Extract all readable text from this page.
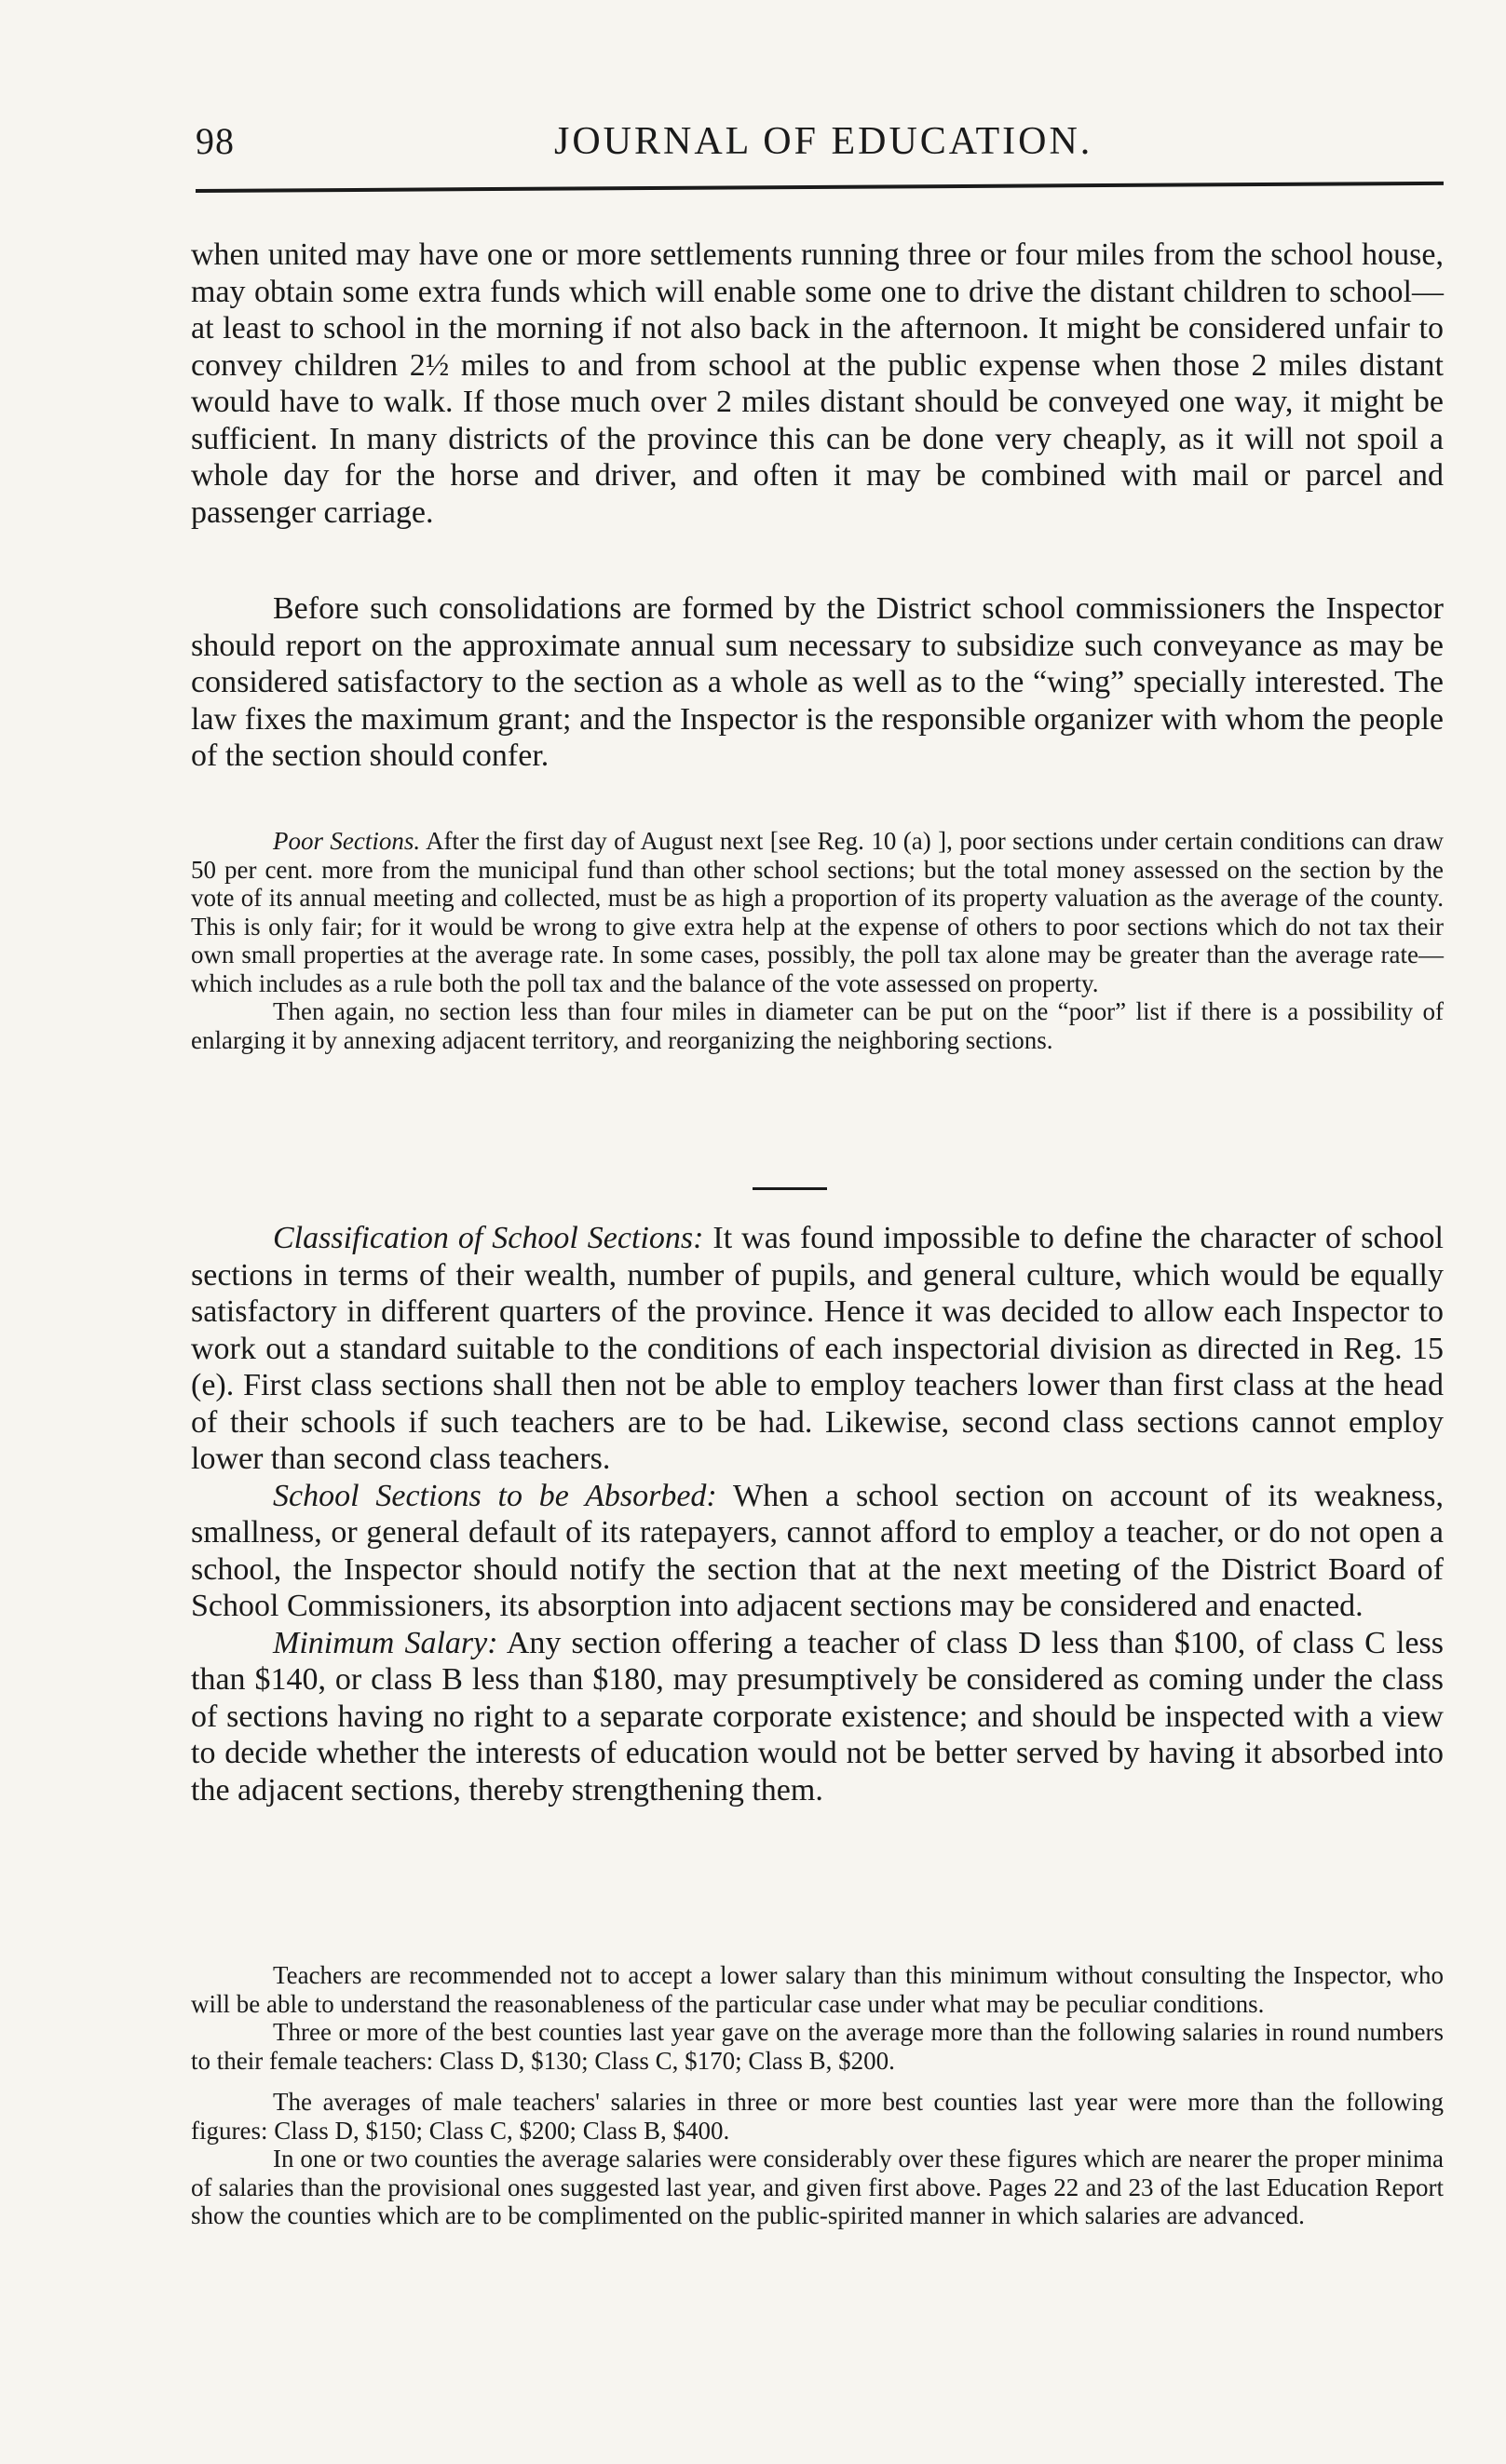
98	JOURNAL OF EDUCATION.

when united may have one or more settlements running three or four miles from the school house, may obtain some extra funds which will enable some one to drive the distant children to school—at least to school in the morning if not also back in the afternoon. It might be considered unfair to convey children 2½ miles to and from school at the public expense when those 2 miles distant would have to walk. If those much over 2 miles distant should be conveyed one way, it might be sufficient. In many districts of the province this can be done very cheaply, as it will not spoil a whole day for the horse and driver, and often it may be combined with mail or parcel and passenger carriage.

Before such consolidations are formed by the District school commissioners the Inspector should report on the approximate annual sum necessary to subsidize such conveyance as may be considered satisfactory to the section as a whole as well as to the “wing” specially interested. The law fixes the maximum grant; and the Inspector is the responsible organizer with whom the people of the section should confer.

Poor Sections. After the first day of August next [see Reg. 10 (a) ], poor sections under certain conditions can draw 50 per cent. more from the municipal fund than other school sections; but the total money assessed on the section by the vote of its annual meeting and collected, must be as high a proportion of its property valuation as the average of the county. This is only fair; for it would be wrong to give extra help at the expense of others to poor sections which do not tax their own small properties at the average rate. In some cases, possibly, the poll tax alone may be greater than the average rate—which includes as a rule both the poll tax and the balance of the vote assessed on property.

Then again, no section less than four miles in diameter can be put on the “poor” list if there is a possibility of enlarging it by annexing adjacent territory, and reorganizing the neighboring sections.

Classification of School Sections: It was found impossible to define the character of school sections in terms of their wealth, number of pupils, and general culture, which would be equally satisfactory in different quarters of the province. Hence it was decided to allow each Inspector to work out a standard suitable to the conditions of each inspectorial division as directed in Reg. 15 (e). First class sections shall then not be able to employ teachers lower than first class at the head of their schools if such teachers are to be had. Likewise, second class sections cannot employ lower than second class teachers.

School Sections to be Absorbed: When a school section on account of its weakness, smallness, or general default of its ratepayers, cannot afford to employ a teacher, or do not open a school, the Inspector should notify the section that at the next meeting of the District Board of School Commissioners, its absorption into adjacent sections may be considered and enacted.

Minimum Salary: Any section offering a teacher of class D less than $100, of class C less than $140, or class B less than $180, may presumptively be considered as coming under the class of sections having no right to a separate corporate existence; and should be inspected with a view to decide whether the interests of education would not be better served by having it absorbed into the adjacent sections, thereby strengthening them.

Teachers are recommended not to accept a lower salary than this minimum without consulting the Inspector, who will be able to understand the reasonableness of the particular case under what may be peculiar conditions.

Three or more of the best counties last year gave on the average more than the following salaries in round numbers to their female teachers: Class D, $130; Class C, $170; Class B, $200.

The averages of male teachers' salaries in three or more best counties last year were more than the following figures: Class D, $150; Class C, $200; Class B, $400.

In one or two counties the average salaries were considerably over these figures which are nearer the proper minima of salaries than the provisional ones suggested last year, and given first above. Pages 22 and 23 of the last Education Report show the counties which are to be complimented on the public-spirited manner in which salaries are advanced.
